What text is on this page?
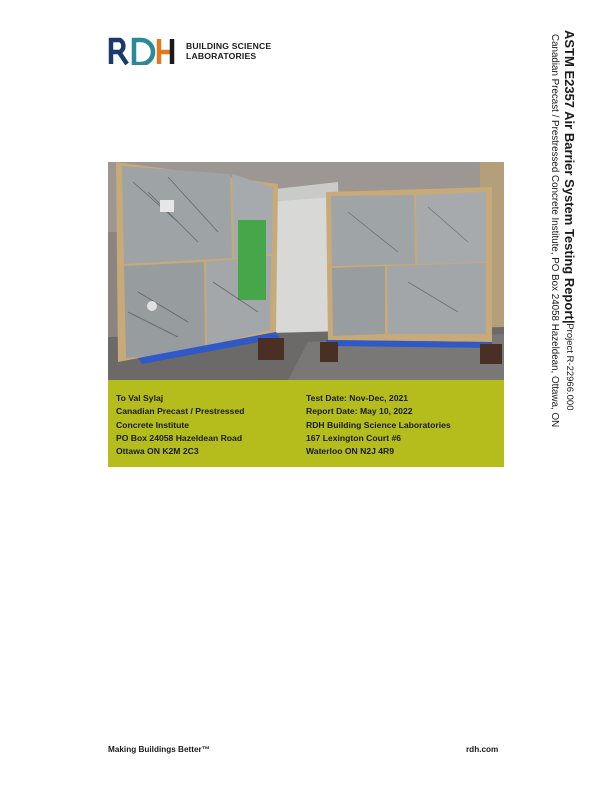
BUILDING SCIENCE
LABORATORIES	ASTM E2357 Air Barrier System Testing Report|Project R-22966.000
Canadian Precast / Prestressed Concrete Institute, PO Box 24058 Hazeldean, Ottawa, ON
To Val Sylaj
Canadian Precast / Prestressed
Concrete Institute
PO Box 24058 Hazeldean Road
Ottawa ON K2M 2C3
Test Date: Nov-Dec, 2021
Report Date: May 10, 2022
RDH Building Science Laboratories
167 Lexington Court #6
Waterloo ON N2J 4R9
Making Buildings Better™	rdh.com
